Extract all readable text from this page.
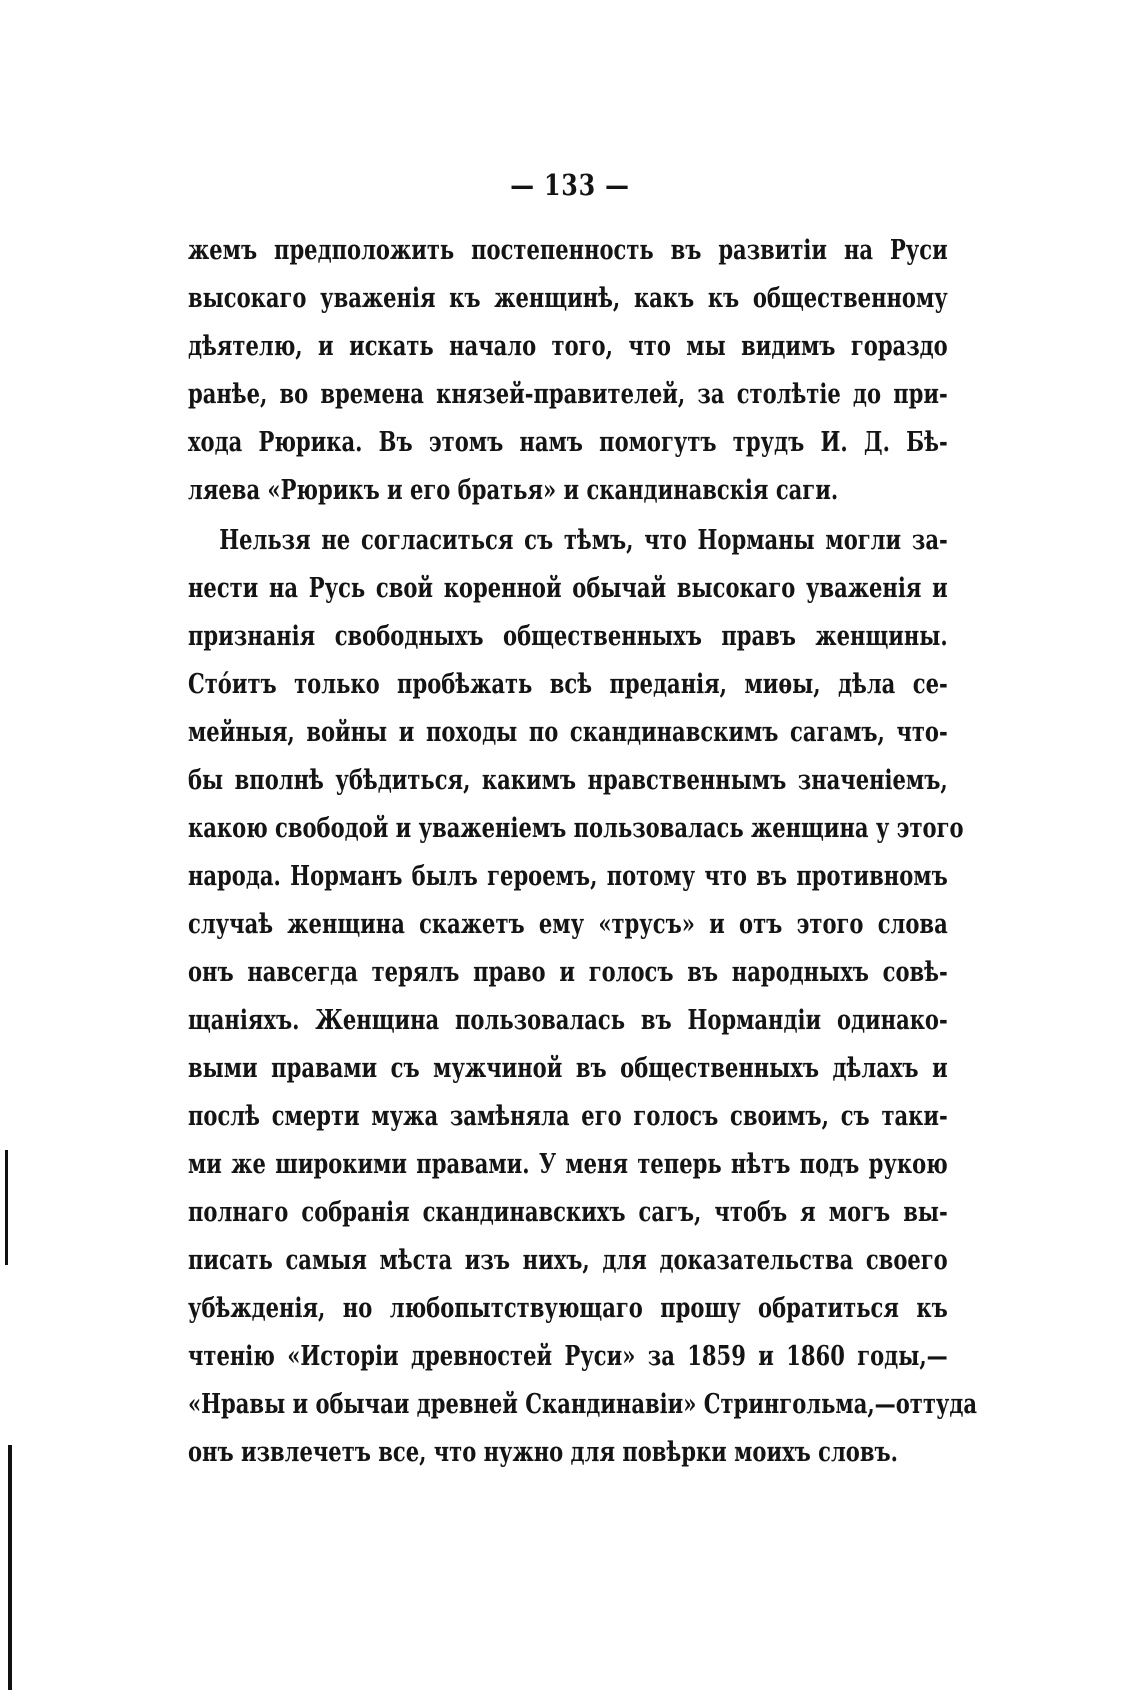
— 133 —
жемъ предположить постепенность въ развитiи на Руси
высокаго уваженiя къ женщинѣ, какъ къ общественному
дѣятелю, и искать начало того, что мы видимъ гораздо
ранѣе, во времена князей-правителей, за столѣтiе до при-
хода Рюрика. Въ этомъ намъ помогутъ трудъ И. Д. Бѣ-
ляева «Рюрикъ и его братья» и скандинавскiя саги.
Нельзя не согласиться съ тѣмъ, что Норманы могли за-
нести на Русь свой коренной обычай высокаго уваженiя и
признанiя свободныхъ общественныхъ правъ женщины.
Стóитъ только пробѣжать всѣ преданiя, миѳы, дѣла се-
мейныя, войны и походы по скандинавскимъ сагамъ, что-
бы вполнѣ убѣдиться, какимъ нравственнымъ значенiемъ,
какою свободой и уваженiемъ пользовалась женщина у этого
народа. Норманъ былъ героемъ, потому что въ противномъ
случаѣ женщина скажетъ ему «трусъ» и отъ этого слова
онъ навсегда терялъ право и голосъ въ народныхъ совѣ-
щанiяхъ. Женщина пользовалась въ Нормандiи одинако-
выми правами съ мужчиной въ общественныхъ дѣлахъ и
послѣ смерти мужа замѣняла его голосъ своимъ, съ таки-
ми же широкими правами. У меня теперь нѣтъ подъ рукою
полнаго собранiя скандинавскихъ сагъ, чтобъ я могъ вы-
писать самыя мѣста изъ нихъ, для доказательства своего
убѣжденiя, но любопытствующаго прошу обратиться къ
чтенiю «Исторiи древностей Руси» за 1859 и 1860 годы,—
«Нравы и обычаи древней Скандинавiи» Стрингольма,—оттуда
онъ извлечетъ все, что нужно для повѣрки моихъ словъ.
